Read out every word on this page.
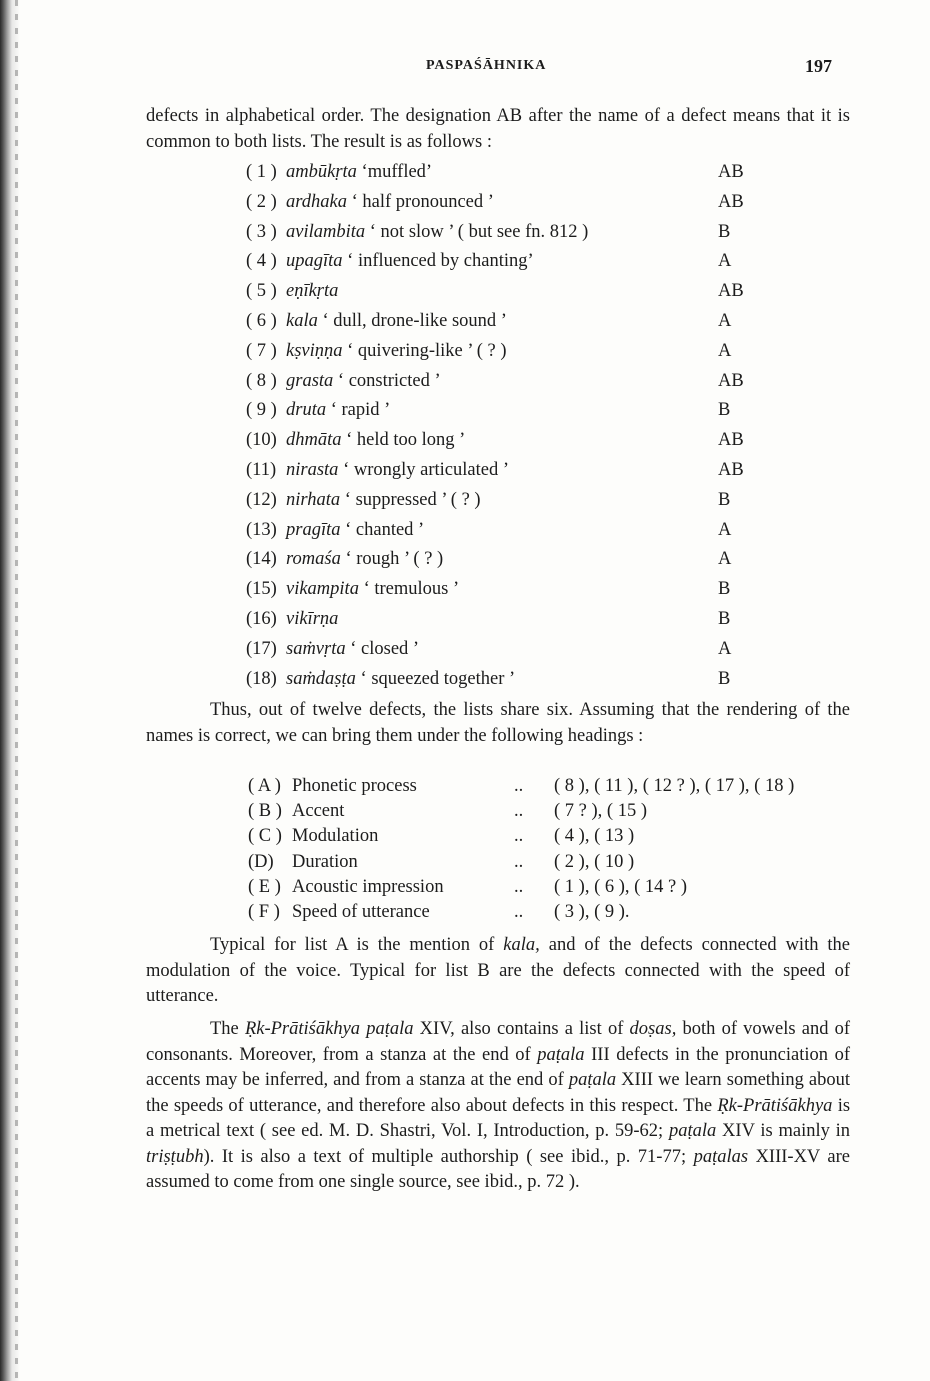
PASPAŚĀHNIKA	197

defects in alphabetical order. The designation AB after the name of a defect means that it is common to both lists. The result is as follows :

( 1 ) ambūkṛta ‘muffled’	AB
( 2 ) ardhaka ‘ half pronounced ’	AB
( 3 ) avilambita ‘ not slow ’ ( but see fn. 812 )	B
( 4 ) upagīta ‘ influenced by chanting’	A
( 5 ) eṇīkṛta	AB
( 6 ) kala ‘ dull, drone-like sound ’	A
( 7 ) kṣviṇṇa ‘ quivering-like ’ ( ? )	A
( 8 ) grasta ‘ constricted ’	AB
( 9 ) druta ‘ rapid ’	B
(10) dhmāta ‘ held too long ’	AB
(11) nirasta ‘ wrongly articulated ’	AB
(12) nirhata ‘ suppressed ’ ( ? )	B
(13) pragīta ‘ chanted ’	A
(14) romaśa ‘ rough ’ ( ? )	A
(15) vikampita ‘ tremulous ’	B
(16) vikīrṇa	B
(17) saṁvṛta ‘ closed ’	A
(18) saṁdaṣṭa ‘ squeezed together ’	B

Thus, out of twelve defects, the lists share six. Assuming that the rendering of the names is correct, we can bring them under the following headings :

( A ) Phonetic process	.. ( 8 ), ( 11 ), ( 12 ? ), ( 17 ), ( 18 )
( B ) Accent	.. ( 7 ? ), ( 15 )
( C ) Modulation	.. ( 4 ), ( 13 )
(D) Duration	.. ( 2 ), ( 10 )
( E ) Acoustic impression	.. ( 1 ), ( 6 ), ( 14 ? )
( F ) Speed of utterance	.. ( 3 ), ( 9 ).

Typical for list A is the mention of kala, and of the defects connected with the modulation of the voice. Typical for list B are the defects connected with the speed of utterance.

The Ṛk-Prātiśākhya paṭala XIV, also contains a list of doṣas, both of vowels and of consonants. Moreover, from a stanza at the end of paṭala III defects in the pronunciation of accents may be inferred, and from a stanza at the end of paṭala XIII we learn something about the speeds of utterance, and therefore also about defects in this respect. The Ṛk-Prātiśākhya is a metrical text ( see ed. M. D. Shastri, Vol. I, Introduction, p. 59-62; paṭala XIV is mainly in triṣṭubh). It is also a text of multiple authorship ( see ibid., p. 71-77; paṭalas XIII-XV are assumed to come from one single source, see ibid., p. 72 ).
